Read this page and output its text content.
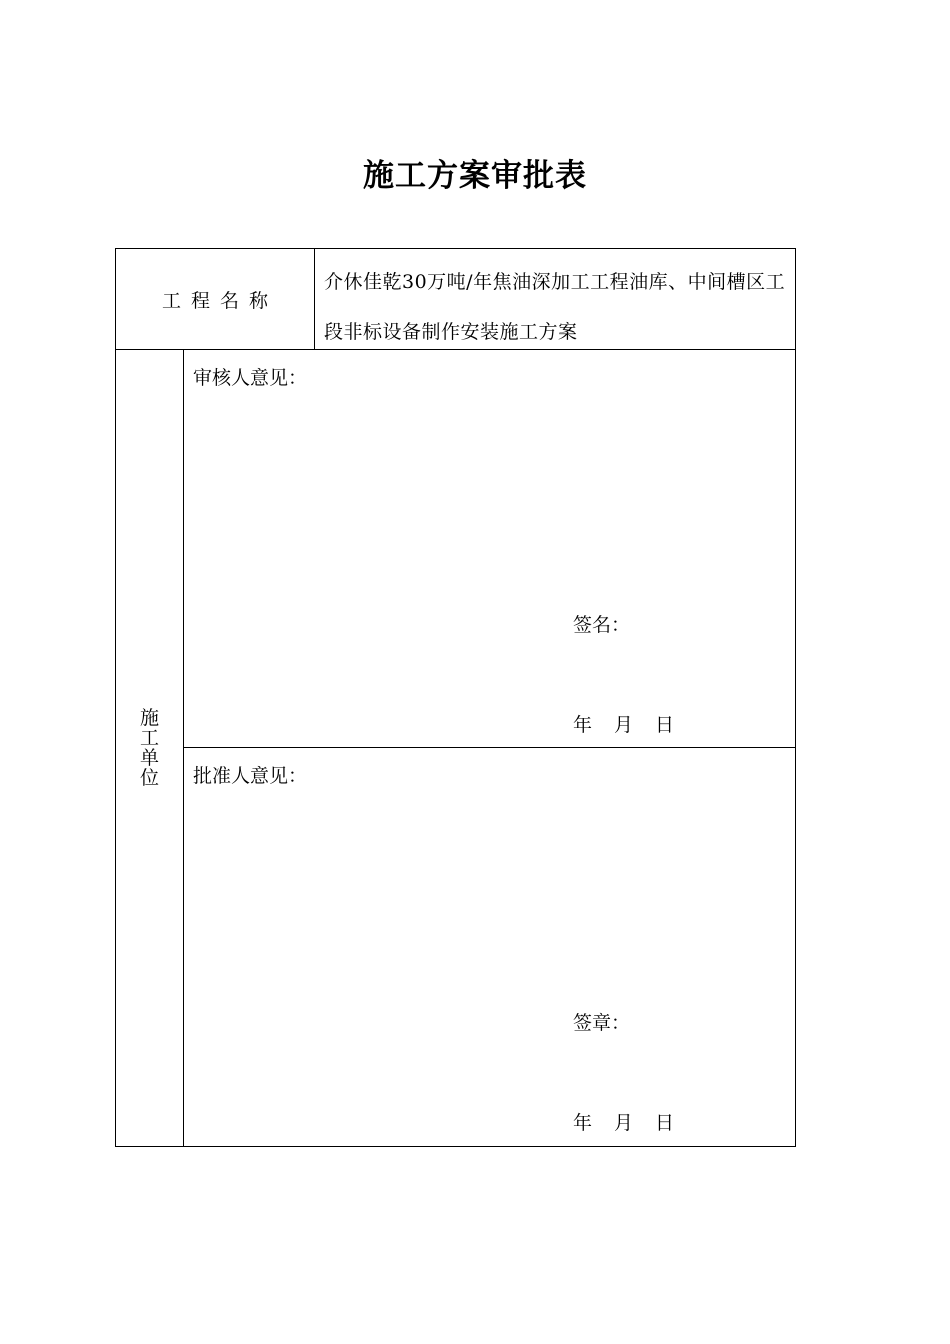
施工方案审批表
工程名称
介休佳乾30万吨/年焦油深加工工程油库、中间槽区工段非标设备制作安装施工方案
施工单位
审核人意见：
签名：
年 月 日
批准人意见：
签章：
年 月 日
